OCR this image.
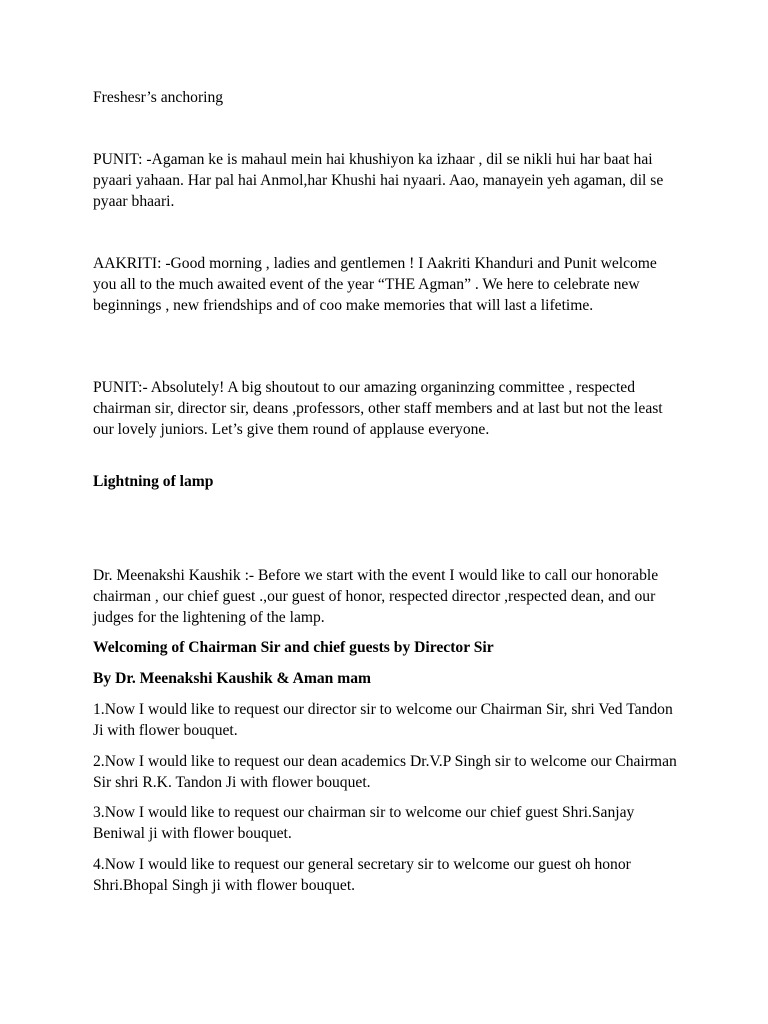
Freshesr’s anchoring

PUNIT: -Agaman ke is mahaul mein hai khushiyon ka izhaar , dil se nikli hui har baat hai pyaari yahaan. Har pal hai Anmol,har Khushi hai nyaari. Aao, manayein yeh agaman, dil se pyaar bhaari.

AAKRITI: -Good morning , ladies and gentlemen ! I Aakriti Khanduri and Punit welcome you all to the much awaited event of the year “THE Agman” . We here to celebrate new beginnings , new friendships and of coo make memories that will last a lifetime.

PUNIT:- Absolutely! A big shoutout to our amazing organinzing committee , respected chairman sir, director sir, deans ,professors, other staff members and at last but not the least our lovely juniors. Let’s give them round of applause everyone.

Lightning of lamp

Dr. Meenakshi Kaushik :- Before we start with the event I would like to call our honorable chairman , our chief guest .,our guest of honor, respected director ,respected dean, and our judges for the lightening of the lamp.

Welcoming of Chairman Sir and chief guests by Director Sir

By Dr. Meenakshi Kaushik & Aman mam

1.Now I would like to request our director sir to welcome our Chairman Sir, shri Ved Tandon Ji with flower bouquet.

2.Now I would like to request our dean academics Dr.V.P Singh sir to welcome our Chairman Sir shri R.K. Tandon Ji with flower bouquet.

3.Now I would like to request our chairman sir to welcome our chief guest Shri.Sanjay Beniwal ji with flower bouquet.

4.Now I would like to request our general secretary sir to welcome our guest oh honor Shri.Bhopal Singh ji with flower bouquet.
